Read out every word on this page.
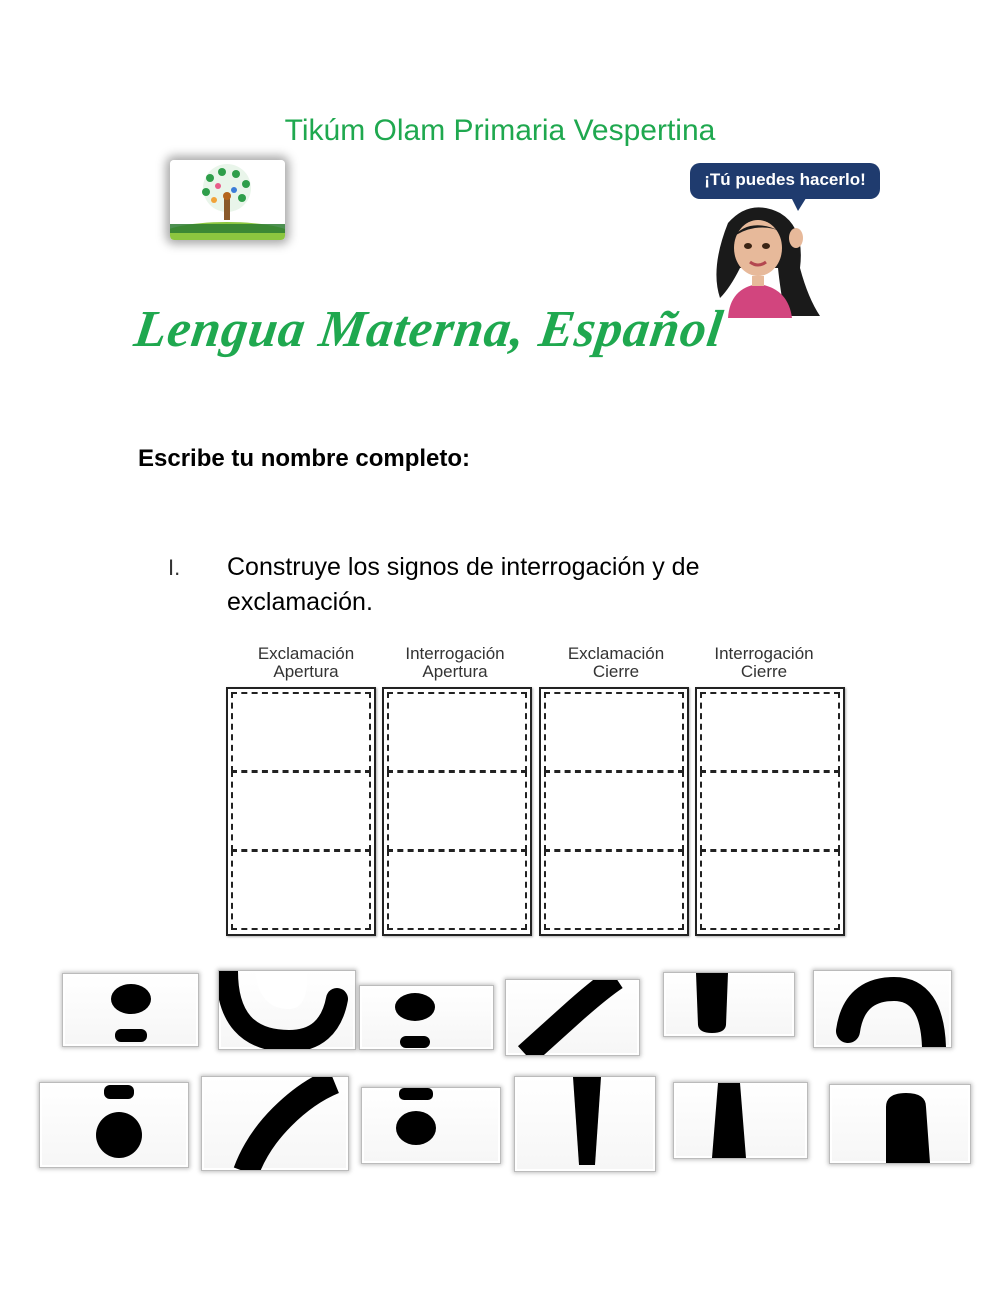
Tikúm Olam Primaria Vespertina
¡Tú puedes hacerlo!
Lengua Materna, Español
Escribe tu nombre completo:
I. Construye los signos de interrogación y de exclamación.
Exclamación
Apertura
Interrogación
Apertura
Exclamación
Cierre
Interrogación
Cierre
